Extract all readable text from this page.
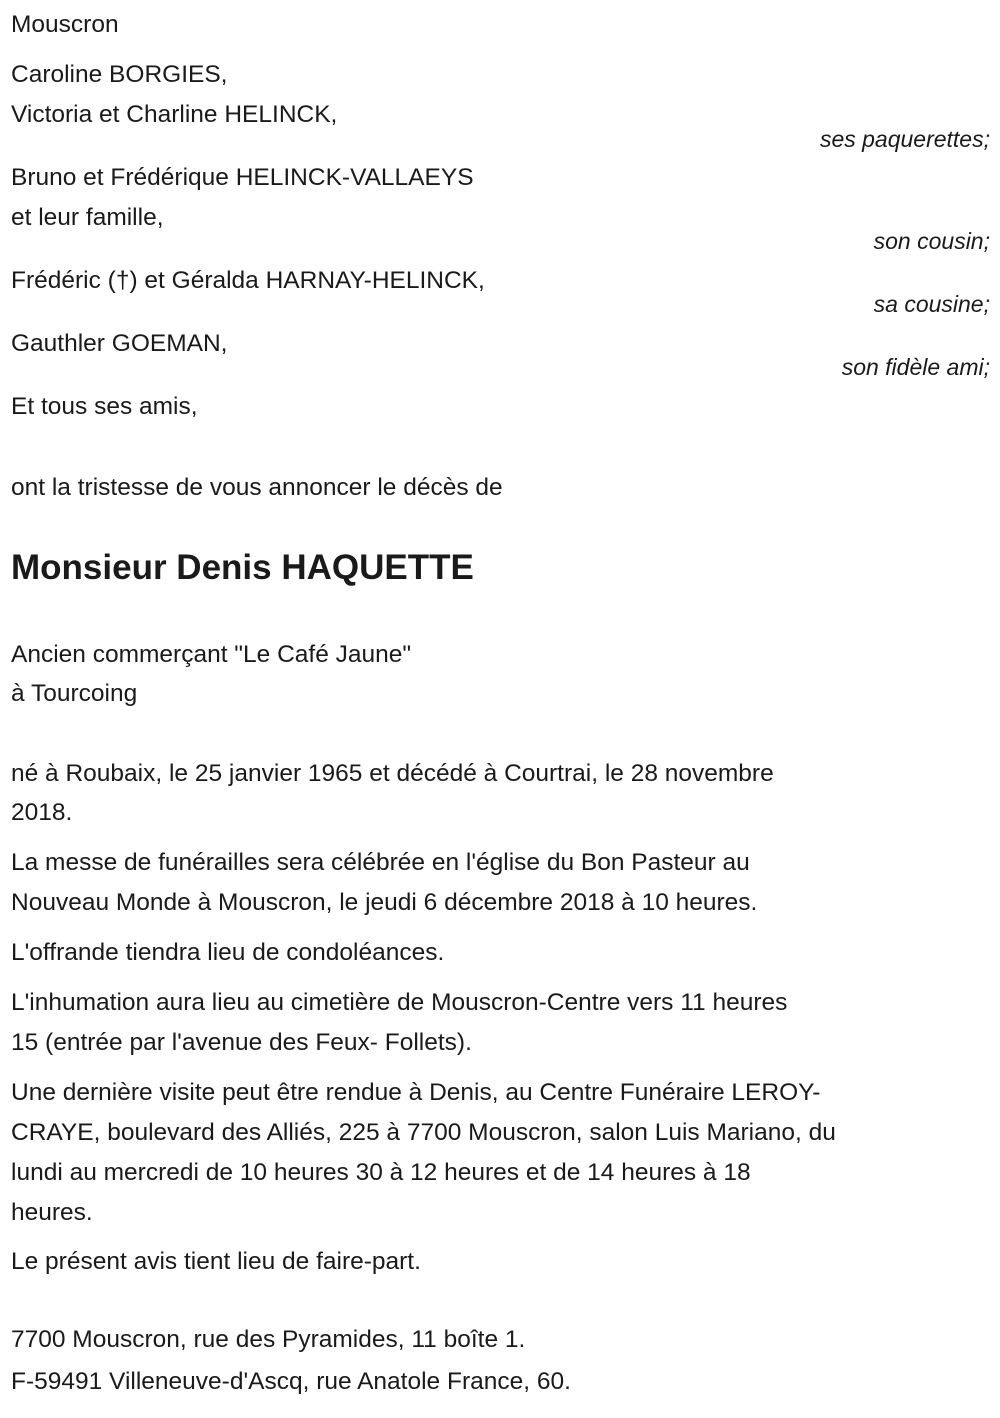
Mouscron
Caroline BORGIES,
Victoria et Charline HELINCK,
ses paquerettes;
Bruno et Frédérique HELINCK-VALLAEYS
et leur famille,
son cousin;
Frédéric (†) et Géralda HARNAY-HELINCK,
sa cousine;
Gauthler GOEMAN,
son fidèle ami;
Et tous ses amis,
ont la tristesse de vous annoncer le décès de
Monsieur Denis HAQUETTE
Ancien commerçant "Le Café Jaune"
à Tourcoing
né à Roubaix, le 25 janvier 1965 et décédé à Courtrai, le 28 novembre
2018.
La messe de funérailles sera célébrée en l'église du Bon Pasteur au
Nouveau Monde à Mouscron, le jeudi 6 décembre 2018 à 10 heures.
L'offrande tiendra lieu de condoléances.
L'inhumation aura lieu au cimetière de Mouscron-Centre vers 11 heures
15 (entrée par l'avenue des Feux- Follets).
Une dernière visite peut être rendue à Denis, au Centre Funéraire LEROY-
CRAYE, boulevard des Alliés, 225 à 7700 Mouscron, salon Luis Mariano, du
lundi au mercredi de 10 heures 30 à 12 heures et de 14 heures à 18
heures.
Le présent avis tient lieu de faire-part.
7700 Mouscron, rue des Pyramides, 11 boîte 1.
F-59491 Villeneuve-d'Ascq, rue Anatole France, 60.
